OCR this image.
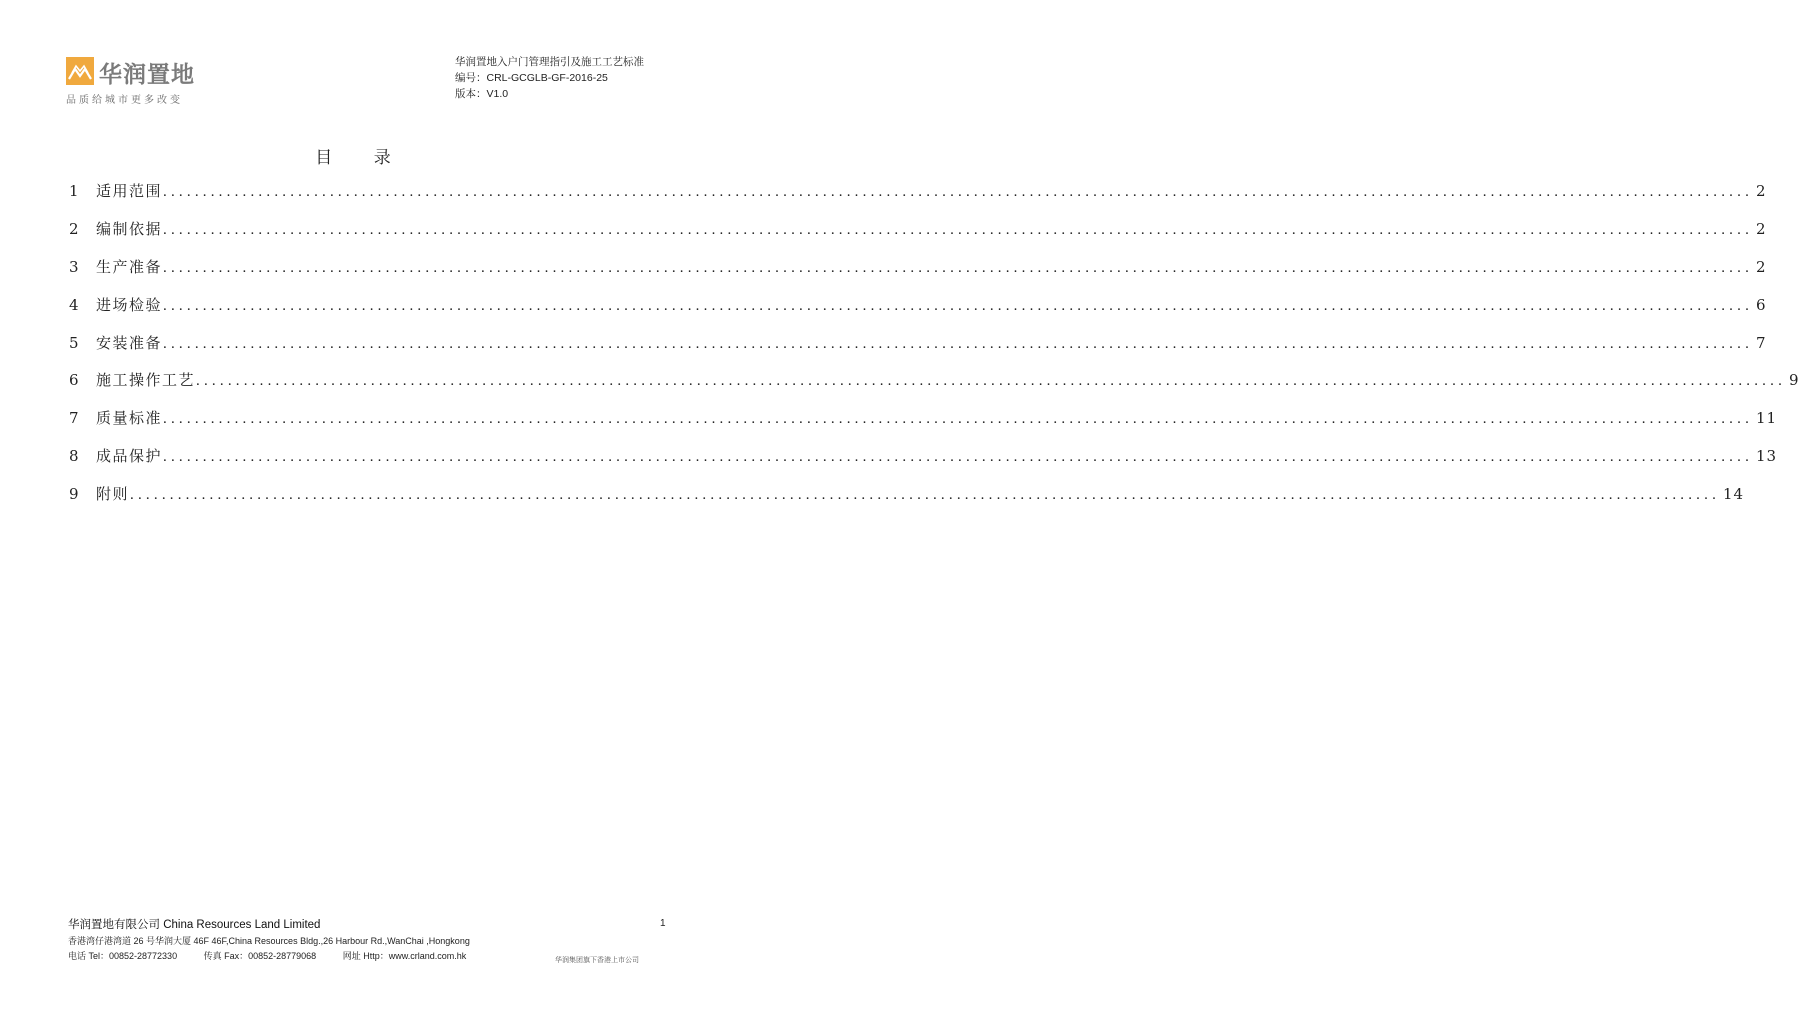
华润置地
品质给城市更多改变
华润置地入户门管理指引及施工工艺标准
编号：CRL-GCGLB-GF-2016-25
版本：V1.0
目 录
1	适用范围 ........................................................................................................................................................................................................ 2
2	编制依据 ........................................................................................................................................................................................................ 2
3	生产准备 ........................................................................................................................................................................................................ 2
4	进场检验 ........................................................................................................................................................................................................ 6
5	安装准备 ........................................................................................................................................................................................................ 7
6	施工操作工艺 ........................................................................................................................................................................................................ 9
7	质量标准 ........................................................................................................................................................................................................ 11
8	成品保护 ........................................................................................................................................................................................................ 13
9	附则 ........................................................................................................................................................................................................ 14
华润置地有限公司 China Resources Land Limited
香港湾仔港湾道 26 号华润大厦 46F 46F,China Resources Bldg.,26 Harbour Rd.,WanChai ,Hongkong
电话 Tel：00852-28772330	传真 Fax：00852-28779068	网址 Http：www.crland.com.hk
1
华润集团旗下香港上市公司
